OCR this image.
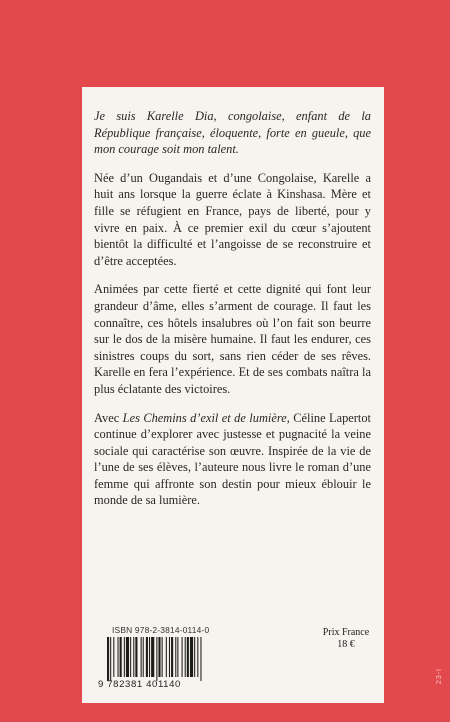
Je suis Karelle Dia, congolaise, enfant de la République française, éloquente, forte en gueule, que mon courage soit mon talent.

Née d’un Ougandais et d’une Congolaise, Karelle a huit ans lorsque la guerre éclate à Kinshasa. Mère et fille se réfugient en France, pays de liberté, pour y vivre en paix. À ce premier exil du cœur s’ajoutent bientôt la difficulté et l’angoisse de se reconstruire et d’être acceptées.

Animées par cette fierté et cette dignité qui font leur grandeur d’âme, elles s’arment de courage. Il faut les connaître, ces hôtels insalubres où l’on fait son beurre sur le dos de la misère humaine. Il faut les endurer, ces sinistres coups du sort, sans rien céder de ses rêves. Karelle en fera l’expérience. Et de ses combats naîtra la plus éclatante des victoires.

Avec Les Chemins d’exil et de lumière, Céline Lapertot continue d’explorer avec justesse et pugnacité la veine sociale qui caractérise son œuvre. Inspirée de la vie de l’une de ses élèves, l’auteure nous livre le roman d’une femme qui affronte son destin pour mieux éblouir le monde de sa lumière.

ISBN 978-2-3814-0114-0
9 782381 401140
Prix France
18 €
23-I
